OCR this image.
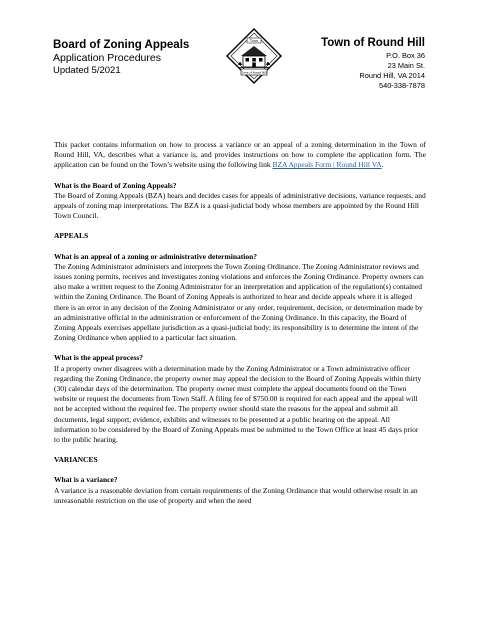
Board of Zoning Appeals
Application Procedures
Updated 5/2021
Town
Town of Round Hill
Town of Round Hill
P.O. Box 36
23 Main St.
Round Hill, VA 2014
540-338-7878

This packet contains information on how to process a variance or an appeal of a zoning determination in the Town of Round Hill, VA, describes what a variance is, and provides instructions on how to complete the application form. The application can be found on the Town’s website using the following link BZA Appeals Form | Round Hill VA.

What is the Board of Zoning Appeals?

The Board of Zoning Appeals (BZA) hears and decides cases for appeals of administrative decisions, variance requests, and appeals of zoning map interpretations. The BZA is a quasi-judicial body whose members are appointed by the Round Hill Town Council.

APPEALS

What is an appeal of a zoning or administrative determination?

The Zoning Administrator administers and interprets the Town Zoning Ordinance. The Zoning Administrator reviews and issues zoning permits, receives and investigates zoning violations and enforces the Zoning Ordinance. Property owners can also make a written request to the Zoning Administrator for an interpretation and application of the regulation(s) contained within the Zoning Ordinance. The Board of Zoning Appeals is authorized to hear and decide appeals where it is alleged there is an error in any decision of the Zoning Administrator or any order, requirement, decision, or determination made by an administrative official in the administration or enforcement of the Zoning Ordinance. In this capacity, the Board of Zoning Appeals exercises appellate jurisdiction as a quasi-judicial body; its responsibility is to determine the intent of the Zoning Ordinance when applied to a particular fact situation.

What is the appeal process?

If a property owner disagrees with a determination made by the Zoning Administrator or a Town administrative officer regarding the Zoning Ordinance, the property owner may appeal the decision to the Board of Zoning Appeals within thirty (30) calendar days of the determination. The property owner must complete the appeal documents found on the Town website or request the documents from Town Staff. A filing fee of $750.00 is required for each appeal and the appeal will not be accepted without the required fee. The property owner should state the reasons for the appeal and submit all documents, legal support, evidence, exhibits and witnesses to be presented at a public hearing on the appeal. All information to be considered by the Board of Zoning Appeals must be submitted to the Town Office at least 45 days prior to the public hearing.

VARIANCES

What is a variance?

A variance is a reasonable deviation from certain requirements of the Zoning Ordinance that would otherwise result in an unreasonable restriction on the use of property and when the need
